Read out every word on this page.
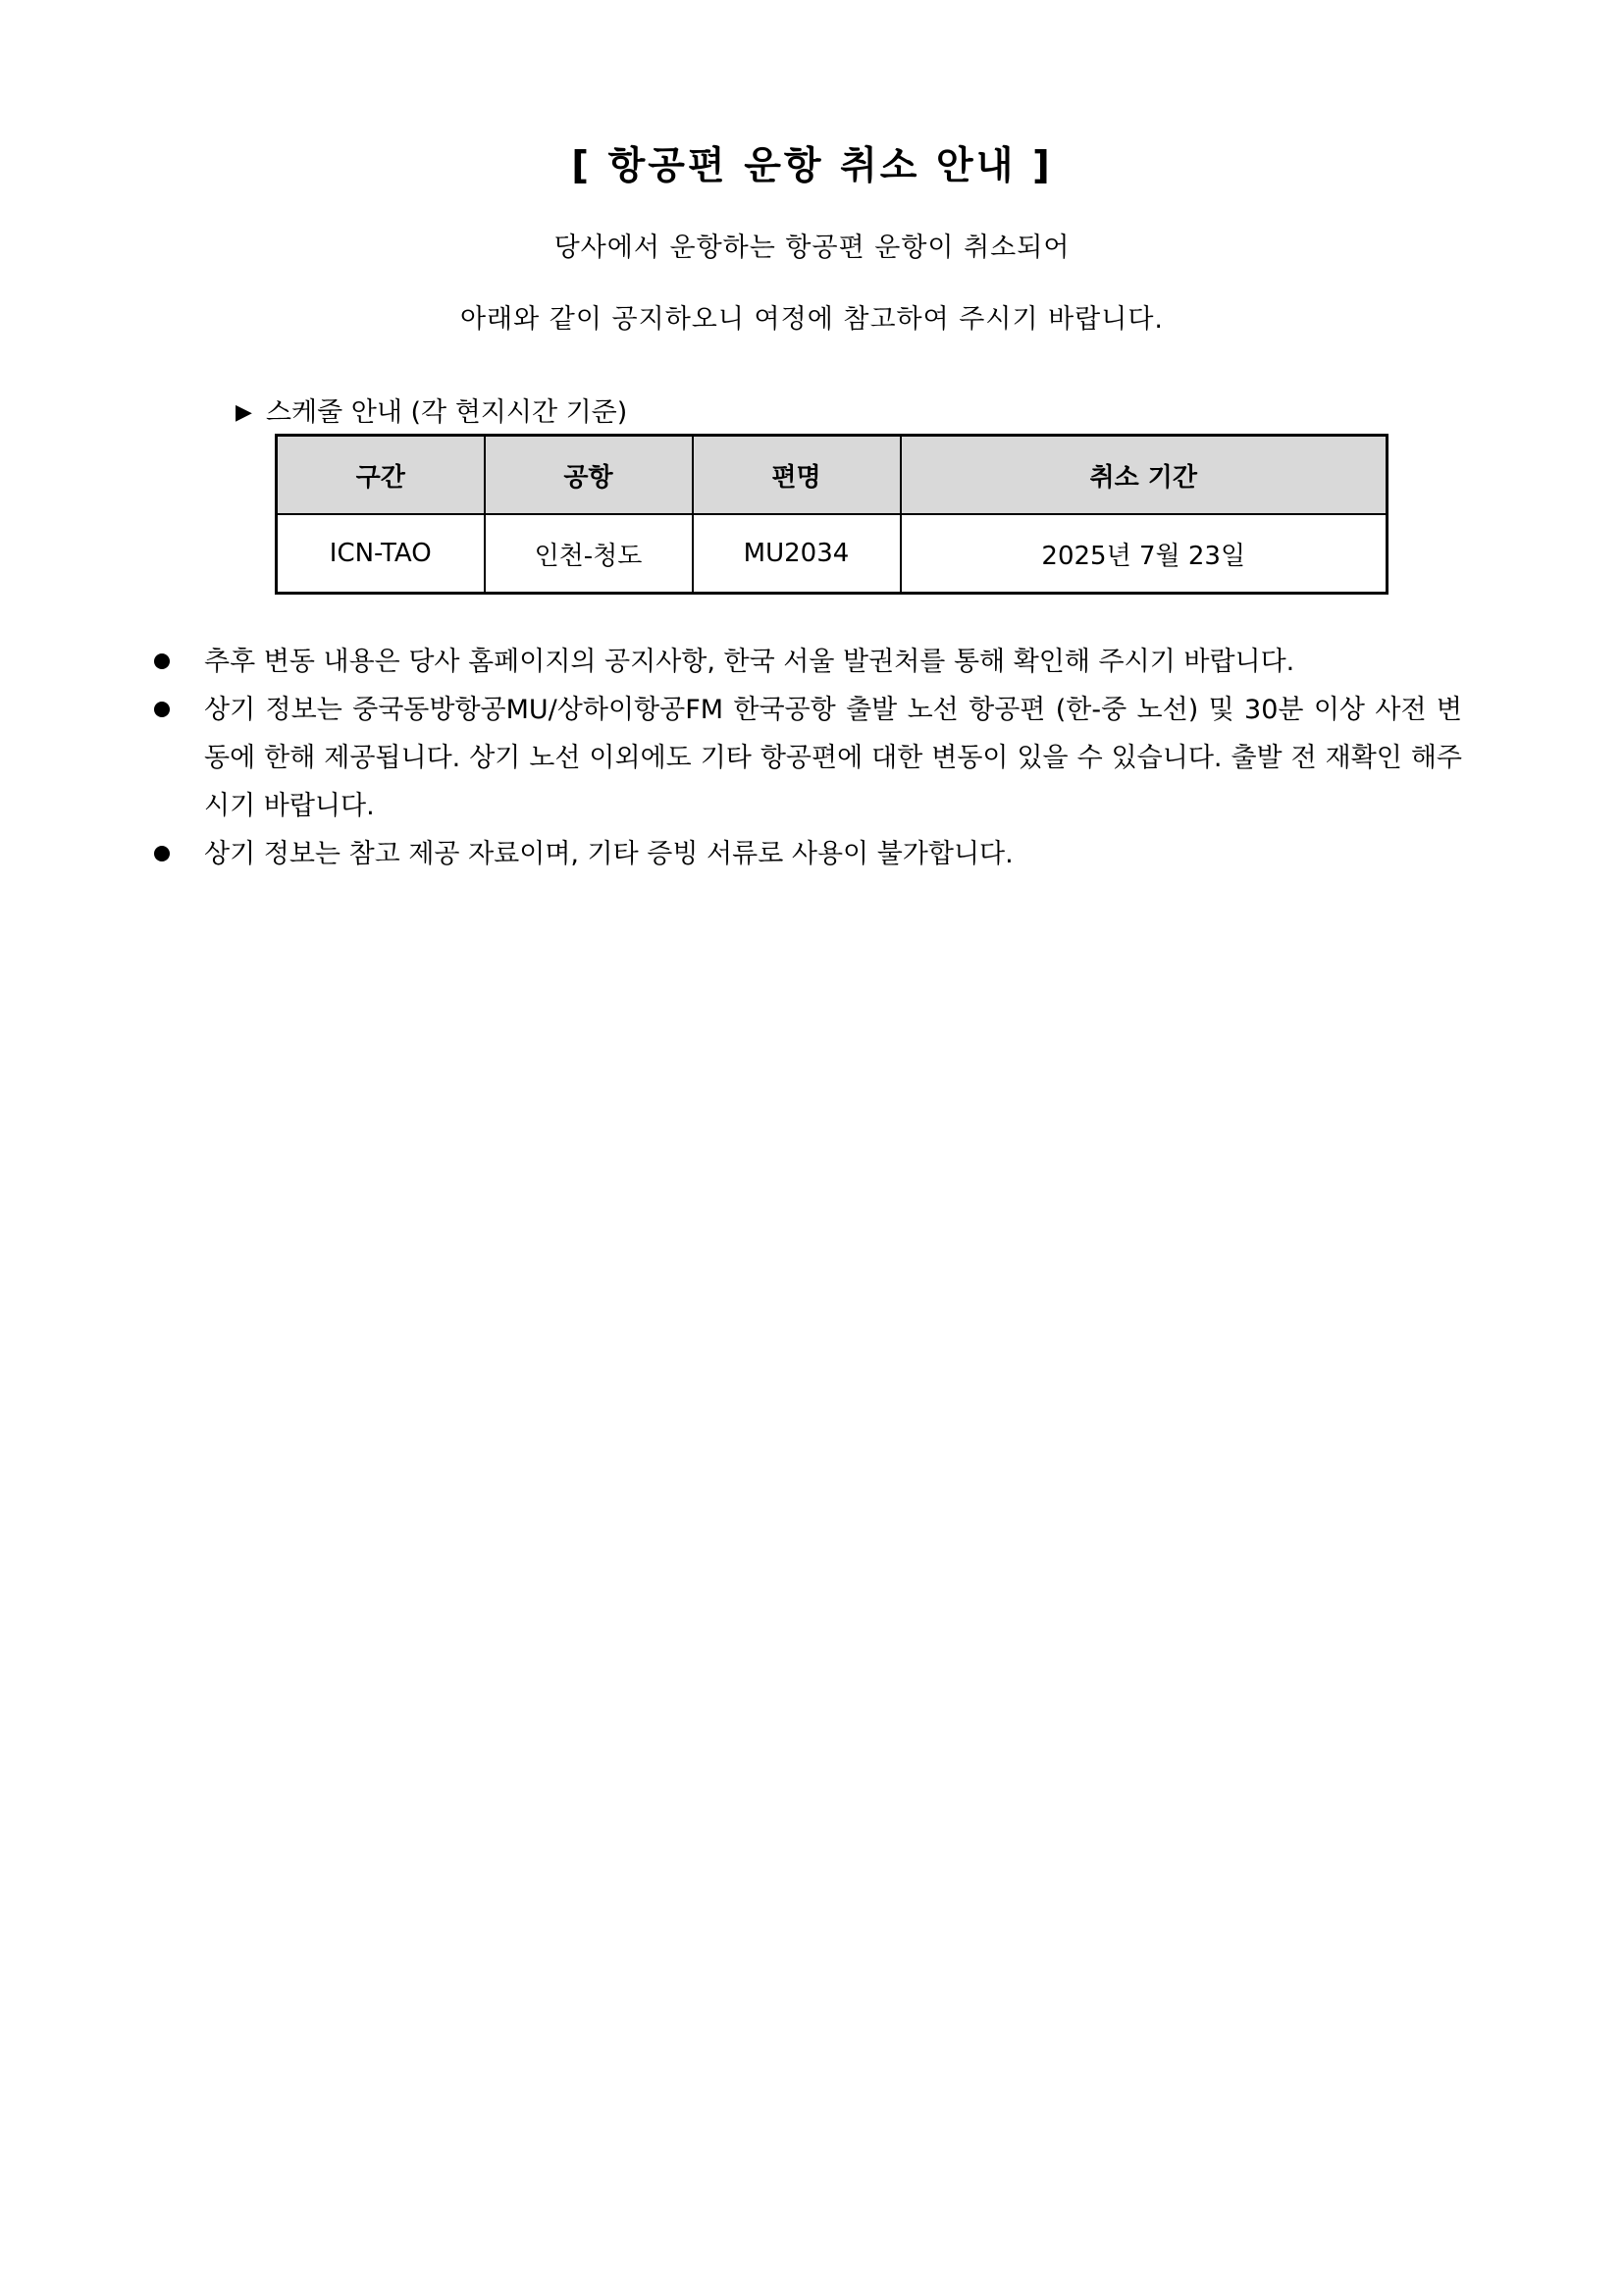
[ 항공편 운항 취소 안내 ]
당사에서 운항하는 항공편 운항이 취소되어
아래와 같이 공지하오니 여정에 참고하여 주시기 바랍니다.
▶ 스케줄 안내 (각 현지시간 기준)
구간	공항	편명	취소 기간
ICN-TAO	인천-청도	MU2034	2025년 7월 23일
추후 변동 내용은 당사 홈페이지의 공지사항, 한국 서울 발권처를 통해 확인해 주시기 바랍니다.
상기 정보는 중국동방항공MU/상하이항공FM 한국공항 출발 노선 항공편 (한-중 노선) 및 30분 이상 사전 변동에 한해 제공됩니다. 상기 노선 이외에도 기타 항공편에 대한 변동이 있을 수 있습니다. 출발 전 재확인 해주시기 바랍니다.
상기 정보는 참고 제공 자료이며, 기타 증빙 서류로 사용이 불가합니다.
